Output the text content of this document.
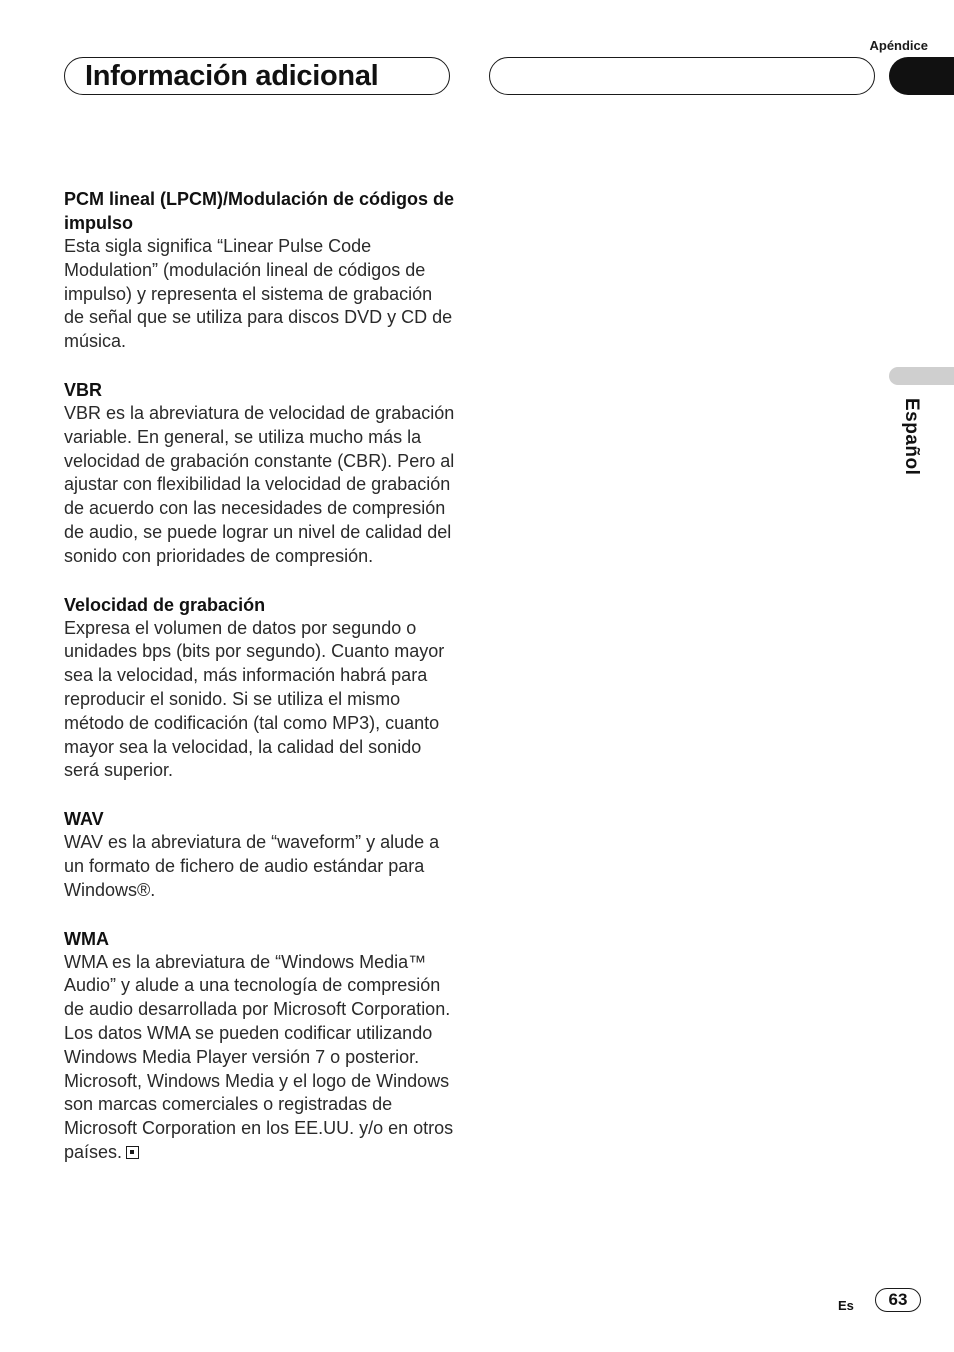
Apéndice
Información adicional
Español
PCM lineal (LPCM)/Modulación de códigos de impulso

Esta sigla significa “Linear Pulse Code Modulation” (modulación lineal de códigos de impulso) y representa el sistema de grabación de señal que se utiliza para discos DVD y CD de música.

VBR

VBR es la abreviatura de velocidad de grabación variable. En general, se utiliza mucho más la velocidad de grabación constante (CBR). Pero al ajustar con flexibilidad la velocidad de grabación de acuerdo con las necesidades de compresión de audio, se puede lograr un nivel de calidad del sonido con prioridades de compresión.

Velocidad de grabación

Expresa el volumen de datos por segundo o unidades bps (bits por segundo). Cuanto mayor sea la velocidad, más información habrá para reproducir el sonido. Si se utiliza el mismo método de codificación (tal como MP3), cuanto mayor sea la velocidad, la calidad del sonido será superior.

WAV

WAV es la abreviatura de “waveform” y alude a un formato de fichero de audio estándar para Windows®.

WMA

WMA es la abreviatura de “Windows Media™ Audio” y alude a una tecnología de compresión de audio desarrollada por Microsoft Corporation. Los datos WMA se pueden codificar utilizando Windows Media Player versión 7 o posterior.

Microsoft, Windows Media y el logo de Windows son marcas comerciales o registradas de Microsoft Corporation en los EE.UU. y/o en otros países.

Es	63
